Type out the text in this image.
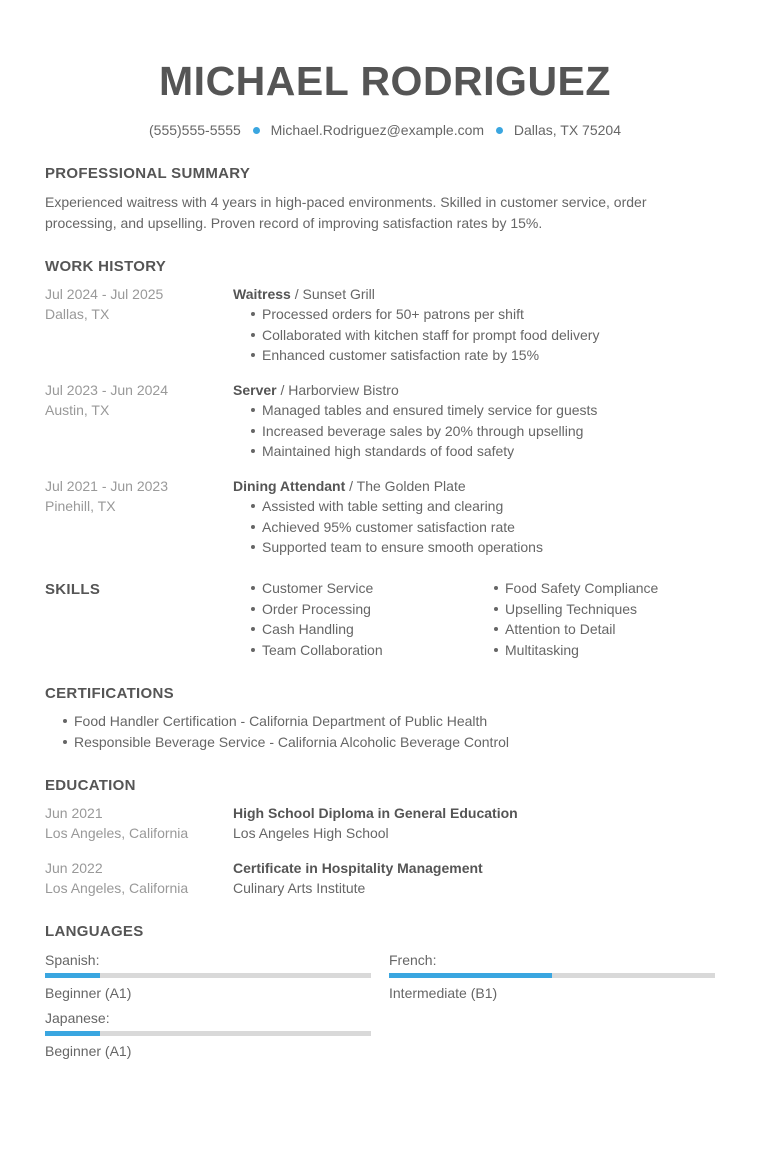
MICHAEL RODRIGUEZ
(555)555-5555 Michael.Rodriguez@example.com Dallas, TX 75204
PROFESSIONAL SUMMARY
Experienced waitress with 4 years in high-paced environments. Skilled in customer service, order processing, and upselling. Proven record of improving satisfaction rates by 15%.
WORK HISTORY
Jul 2024 - Jul 2025
Dallas, TX
Waitress / Sunset Grill
Processed orders for 50+ patrons per shift
Collaborated with kitchen staff for prompt food delivery
Enhanced customer satisfaction rate by 15%
Jul 2023 - Jun 2024
Austin, TX
Server / Harborview Bistro
Managed tables and ensured timely service for guests
Increased beverage sales by 20% through upselling
Maintained high standards of food safety
Jul 2021 - Jun 2023
Pinehill, TX
Dining Attendant / The Golden Plate
Assisted with table setting and clearing
Achieved 95% customer satisfaction rate
Supported team to ensure smooth operations
SKILLS	Customer Service
Order Processing
Cash Handling
Team Collaboration
Food Safety Compliance
Upselling Techniques
Attention to Detail
Multitasking
CERTIFICATIONS
Food Handler Certification - California Department of Public Health
Responsible Beverage Service - California Alcoholic Beverage Control
EDUCATION
Jun 2021
Los Angeles, California
High School Diploma in General Education
Los Angeles High School
Jun 2022
Los Angeles, California
Certificate in Hospitality Management
Culinary Arts Institute
LANGUAGES
Spanish:
Beginner (A1)
French:
Intermediate (B1)
Japanese:
Beginner (A1)
